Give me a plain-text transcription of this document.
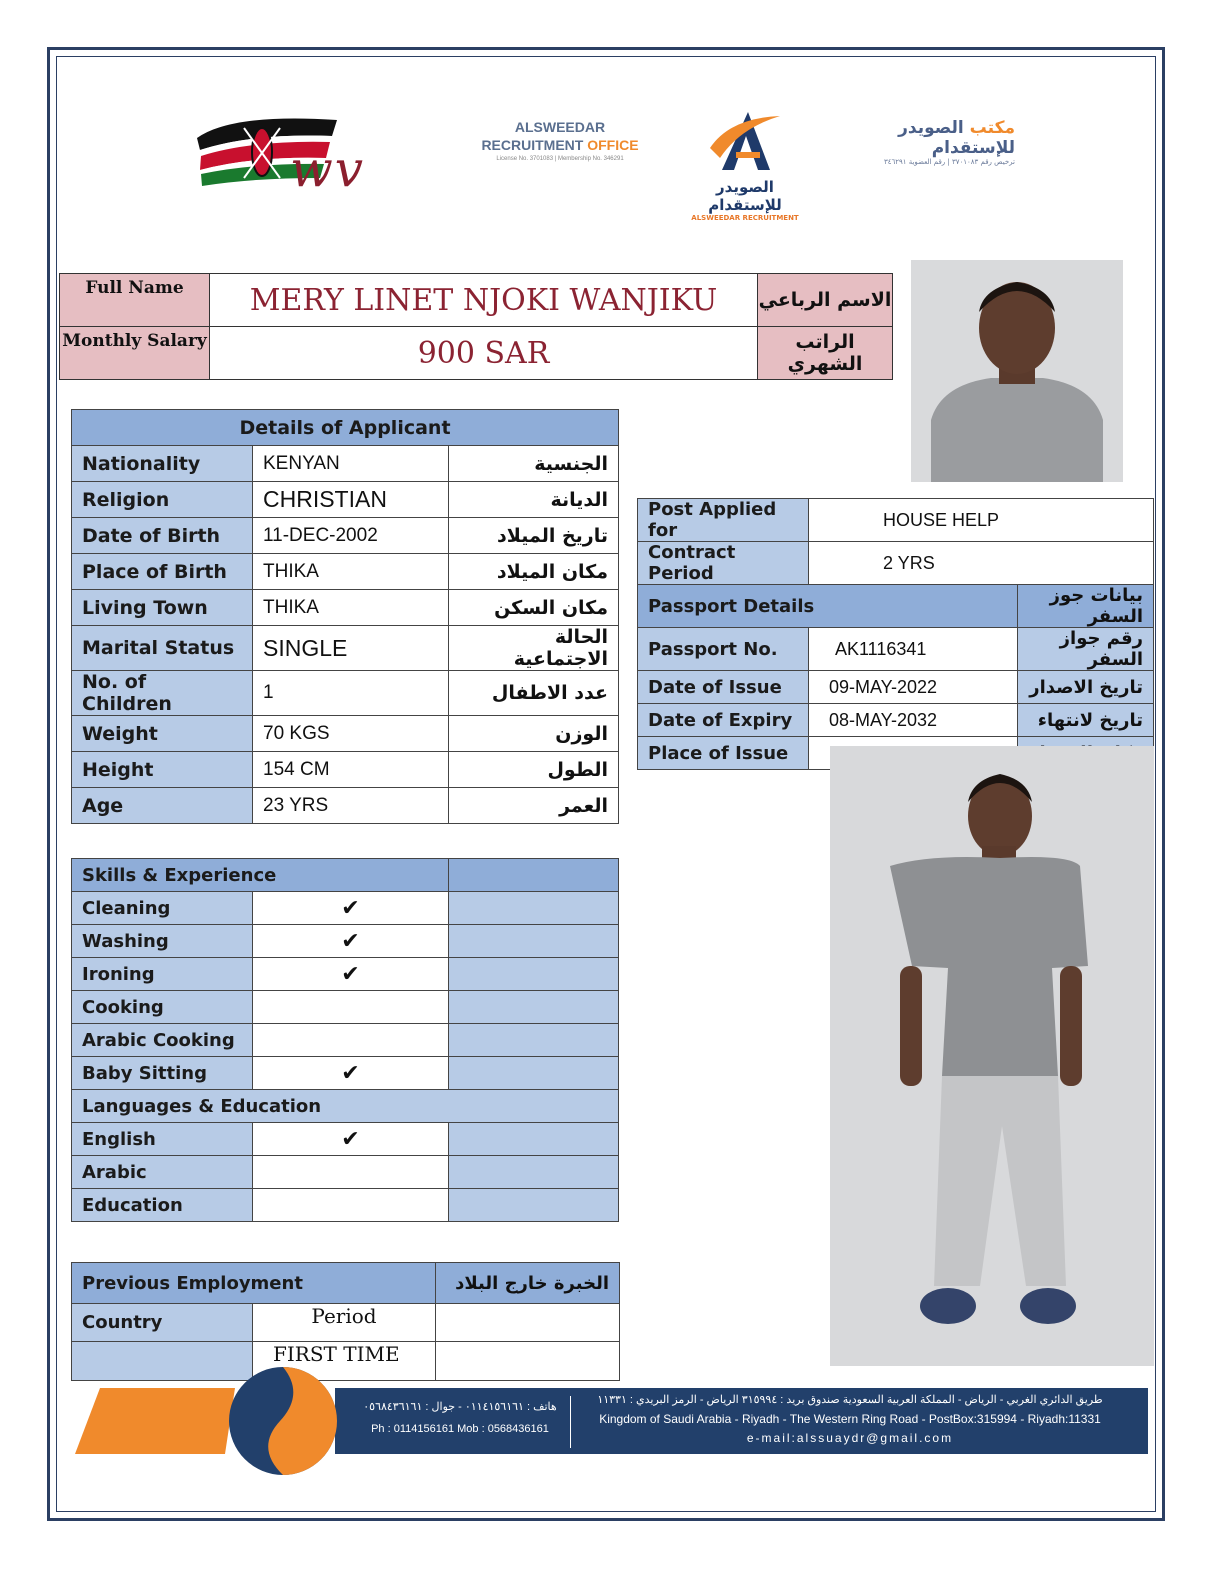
wv
ALSWEEDAR
RECRUITMENT OFFICE
License No. 3701083 | Membership No. 346291
الصويدر للإستقدام
ALSWEEDAR RECRUITMENT
مكتب الصويدر للإستقدام
ترخيص رقم ٣٧٠١٠٨٣ | رقم العضوية ٣٤٦٢٩١
Full Name	MERY LINET NJOKI WANJIKU	الاسم الرباعي
Monthly Salary	900 SAR	الراتب الشهري
Details of Applicant		
Nationality	KENYAN	الجنسية
Religion	CHRISTIAN	الديانة
Date of Birth	11-DEC-2002	تاريخ الميلاد
Place of Birth	THIKA	مكان الميلاد
Living Town	THIKA	مكان السكن
Marital Status	SINGLE	الحالة الاجتماعية
No. of Children	1	عدد الاطفال
Weight	70 KGS	الوزن
Height	154 CM	الطول
Age	23 YRS	العمر
Post Applied for	HOUSE HELP	
Contract Period	2 YRS	
Passport Details		بيانات جوز السفر
Passport No.	AK1116341	رقم جواز السفر
Date of Issue	09-MAY-2022	تاريخ الاصدار
Date of Expiry	08-MAY-2032	تاريخ لانتهاء
Place of Issue		
Skills & Experience		
Cleaning	✔	
Washing	✔	
Ironing	✔	
Cooking		
Arabic Cooking		
Baby Sitting	✔	
Languages & Education		
English	✔	
Arabic		
Education		
Previous Employment		الخبرة خارج البلاد
Country	Period	
	FIRST TIME	
هاتف : ٠١١٤١٥٦١٦١ - جوال : ٠٥٦٨٤٣٦١٦١
Ph : 0114156161 Mob : 0568436161
طريق الدائري الغربي - الرياض - المملكة العربية السعودية صندوق بريد : ٣١٥٩٩٤ الرياض - الرمز البريدي : ١١٣٣١
Kingdom of Saudi Arabia - Riyadh - The Western Ring Road - PostBox:315994 - Riyadh:11331
e-mail:alssuaydr@gmail.com
